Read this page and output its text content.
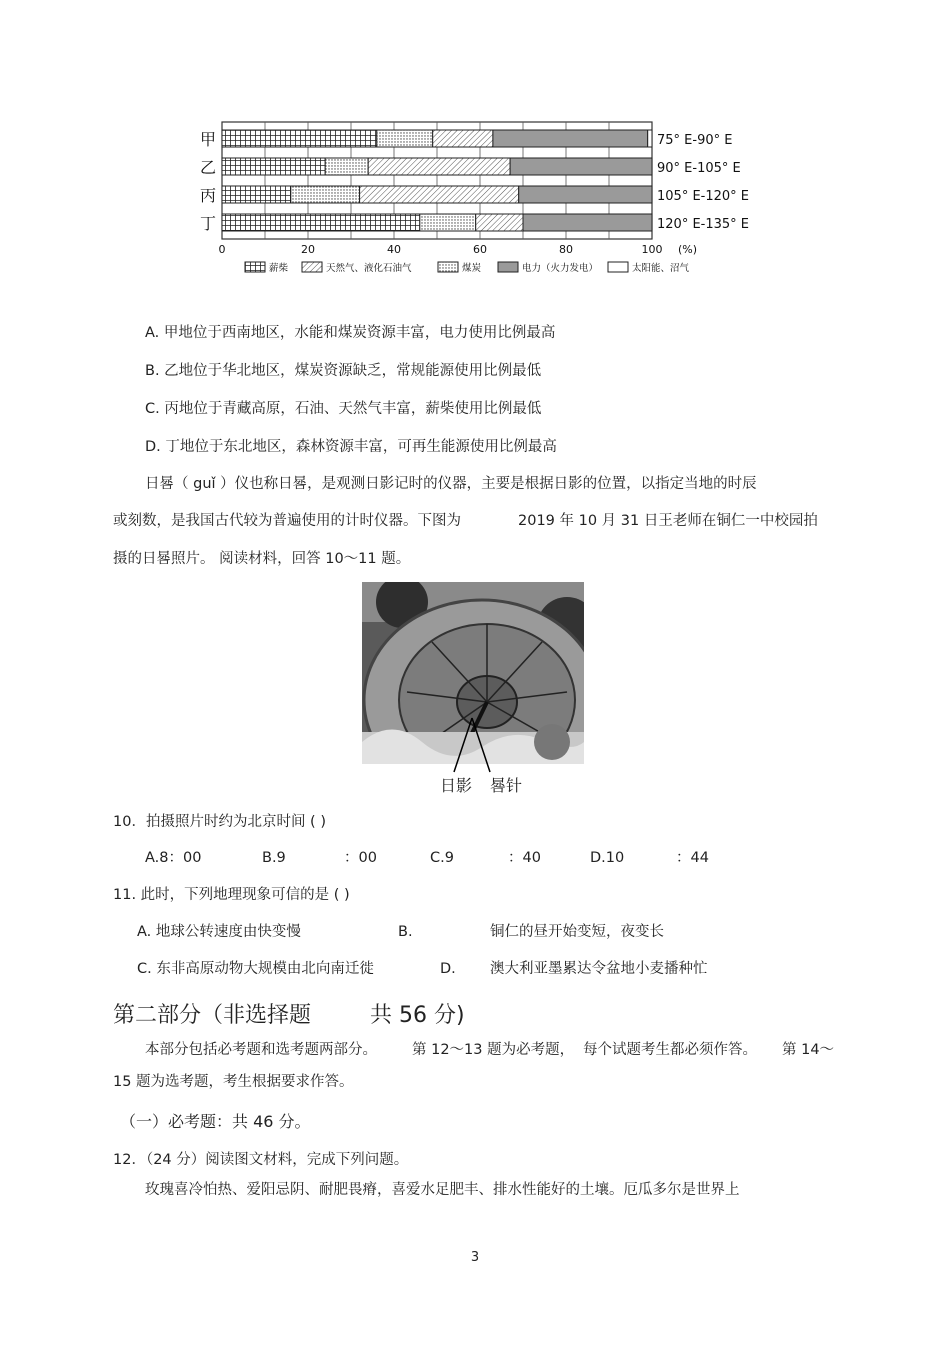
甲
乙
丙
丁
75° E-90° E
90° E-105° E
105° E-120° E
120° E-135° E
0	20	40	60	80	100 (%)
薪柴	天然气、液化石油气	煤炭	电力（火力发电）	太阳能、沼气
A. 甲地位于西南地区，水能和煤炭资源丰富，电力使用比例最高
B. 乙地位于华北地区，煤炭资源缺乏，常规能源使用比例最低
C. 丙地位于青藏高原，石油、天然气丰富，薪柴使用比例最低
D. 丁地位于东北地区，森林资源丰富，可再生能源使用比例最高
日晷（ guǐ ）仪也称日晷，是观测日影记时的仪器，主要是根据日影的位置，以指定当地的时辰
或刻数，是我国古代较为普遍使用的计时仪器。下图为	2019 年 10 月 31 日王老师在铜仁一中校园拍
摄的日晷照片。 阅读材料，回答 10～11 题。
日影 晷针
10．拍摄照片时约为北京时间 ( )
A.8：00	B.9	：00	C.9	：40	D.10	：44
11. 此时，下列地理现象可信的是 ( )
A. 地球公转速度由快变慢	B.	铜仁的昼开始变短，夜变长
C. 东非高原动物大规模由北向南迁徙	D. 澳大利亚墨累达令盆地小麦播种忙
第二部分（非选择题	共 56 分)
本部分包括必考题和选考题两部分。 第 12～13 题为必考题， 每个试题考生都必须作答。 第 14～
15 题为选考题，考生根据要求作答。
（一）必考题：共 46 分。
12．（24 分）阅读图文材料，完成下列问题。
玫瑰喜冷怕热、爱阳忌阴、耐肥畏瘠，喜爱水足肥丰、排水性能好的土壤。厄瓜多尔是世界上
3
